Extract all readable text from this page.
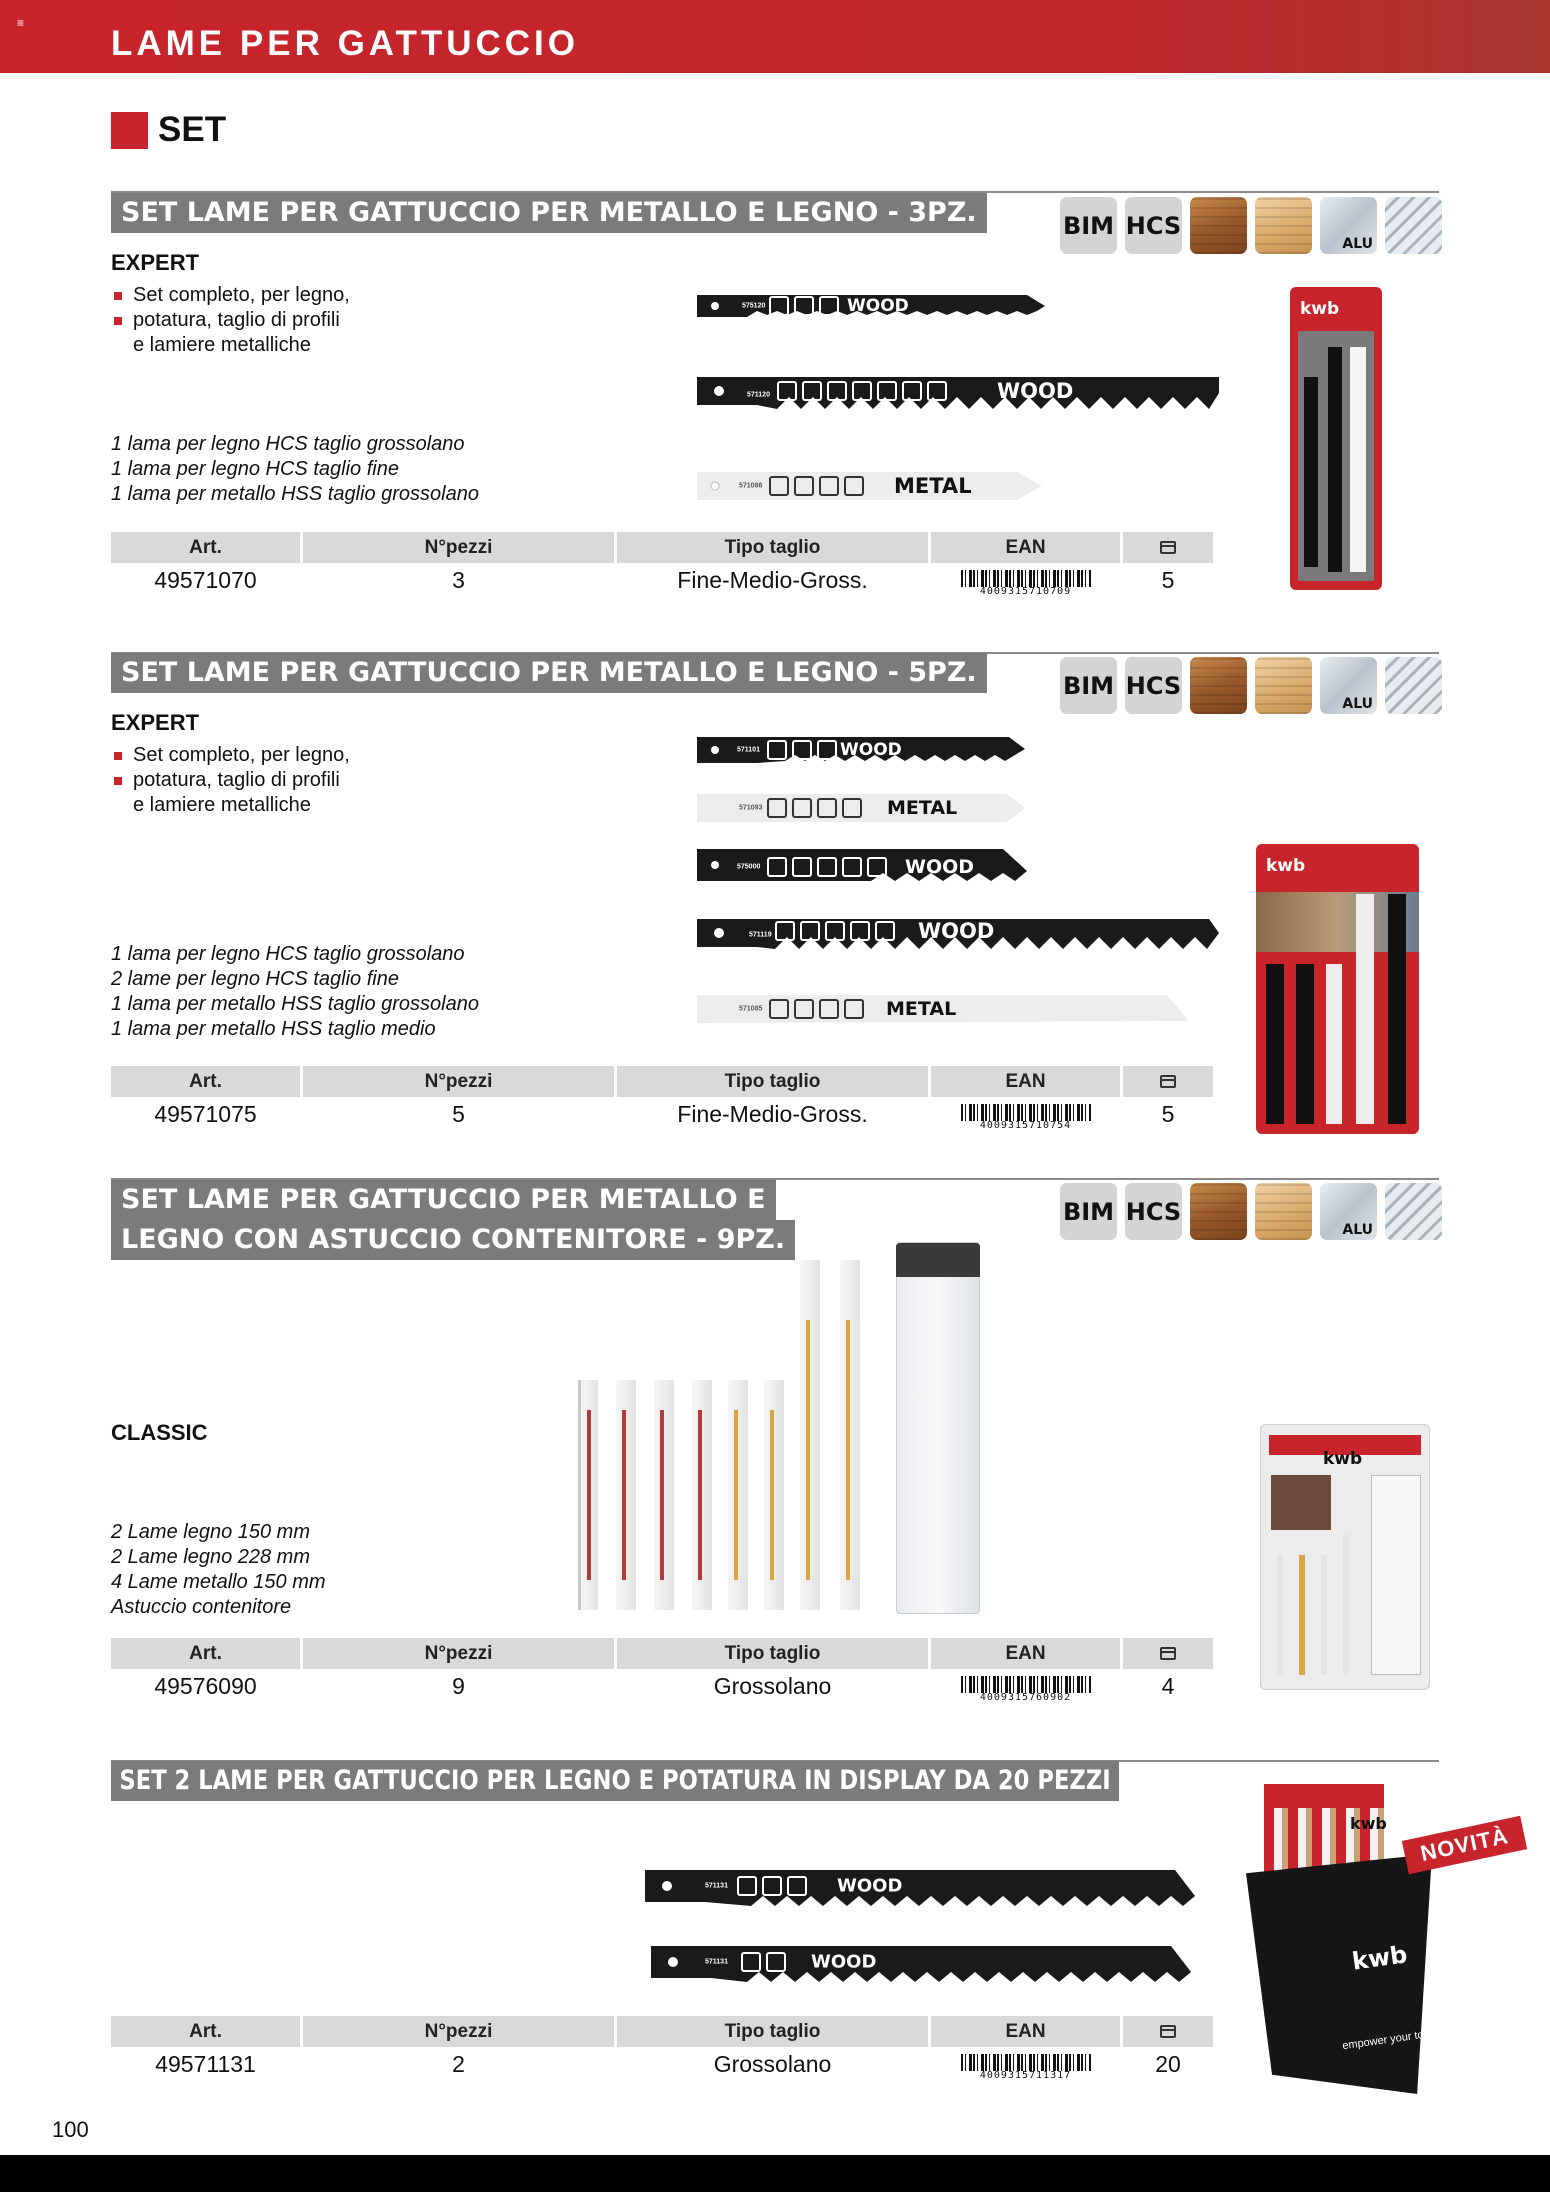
≡
LAME PER GATTUCCIO
SET
SET LAME PER GATTUCCIO PER METALLO E LEGNO - 3PZ.	BIM HCS
ALU
EXPERT
Set completo, per legno,
potatura, taglio di profili
e lamiere metalliche
1 lama per legno HCS taglio grossolano
1 lama per legno HCS taglio fine
1 lama per metallo HSS taglio grossolano
575120	WOOD
571120	WOOD
571086	METAL
kwb
Art.	N°pezzi	Tipo taglio	EAN
49571070	3	Fine-Medio-Gross.	4009315710709	5
SET LAME PER GATTUCCIO PER METALLO E LEGNO - 5PZ.	BIM HCS
ALU
EXPERT
Set completo, per legno,
potatura, taglio di profili
e lamiere metalliche
1 lama per legno HCS taglio grossolano
2 lame per legno HCS taglio fine
1 lama per metallo HSS taglio grossolano
1 lama per metallo HSS taglio medio
571101	WOOD
571093	METAL
575000	WOOD
571119	WOOD
571085	METAL
kwb
Art.	N°pezzi	Tipo taglio	EAN
49571075	5	Fine-Medio-Gross.	4009315710754	5
SET LAME PER GATTUCCIO PER METALLO E
LEGNO CON ASTUCCIO CONTENITORE - 9PZ.
BIM HCS
ALU
CLASSIC
2 Lame legno 150 mm
2 Lame legno 228 mm
4 Lame metallo 150 mm
Astuccio contenitore
kwb
Art.	N°pezzi	Tipo taglio	EAN
49576090	9	Grossolano	4009315760902	4
SET 2 LAME PER GATTUCCIO PER LEGNO E POTATURA IN DISPLAY DA 20 PEZZI
571131	WOOD
571131	WOOD
kwb
kwb
empower your tool
NOVITÀ
Art.	N°pezzi	Tipo taglio	EAN
49571131	2	Grossolano	4009315711317	20
100
